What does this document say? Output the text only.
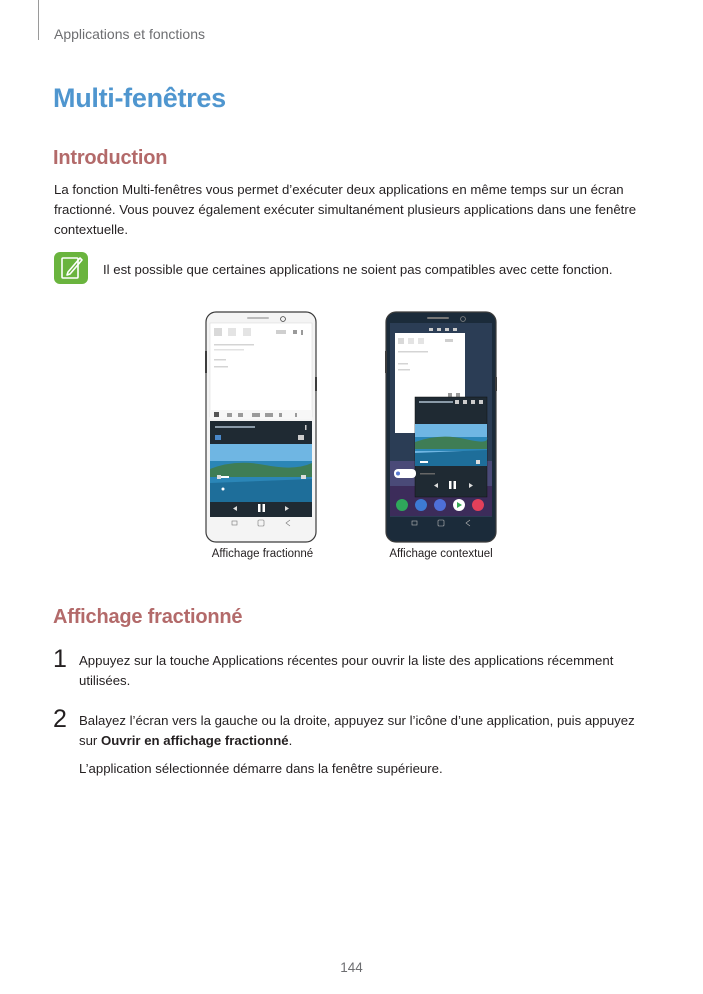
Applications et fonctions
Multi-fenêtres
Introduction
La fonction Multi-fenêtres vous permet d’exécuter deux applications en même temps sur un écran
fractionné. Vous pouvez également exécuter simultanément plusieurs applications dans une fenêtre
contextuelle.
Il est possible que certaines applications ne soient pas compatibles avec cette fonction.
Affichage fractionné	Affichage contextuel
Affichage fractionné
1 Appuyez sur la touche Applications récentes pour ouvrir la liste des applications récemment
utilisées.
2 Balayez l’écran vers la gauche ou la droite, appuyez sur l’icône d’une application, puis appuyez
sur Ouvrir en affichage fractionné.
L’application sélectionnée démarre dans la fenêtre supérieure.
144
